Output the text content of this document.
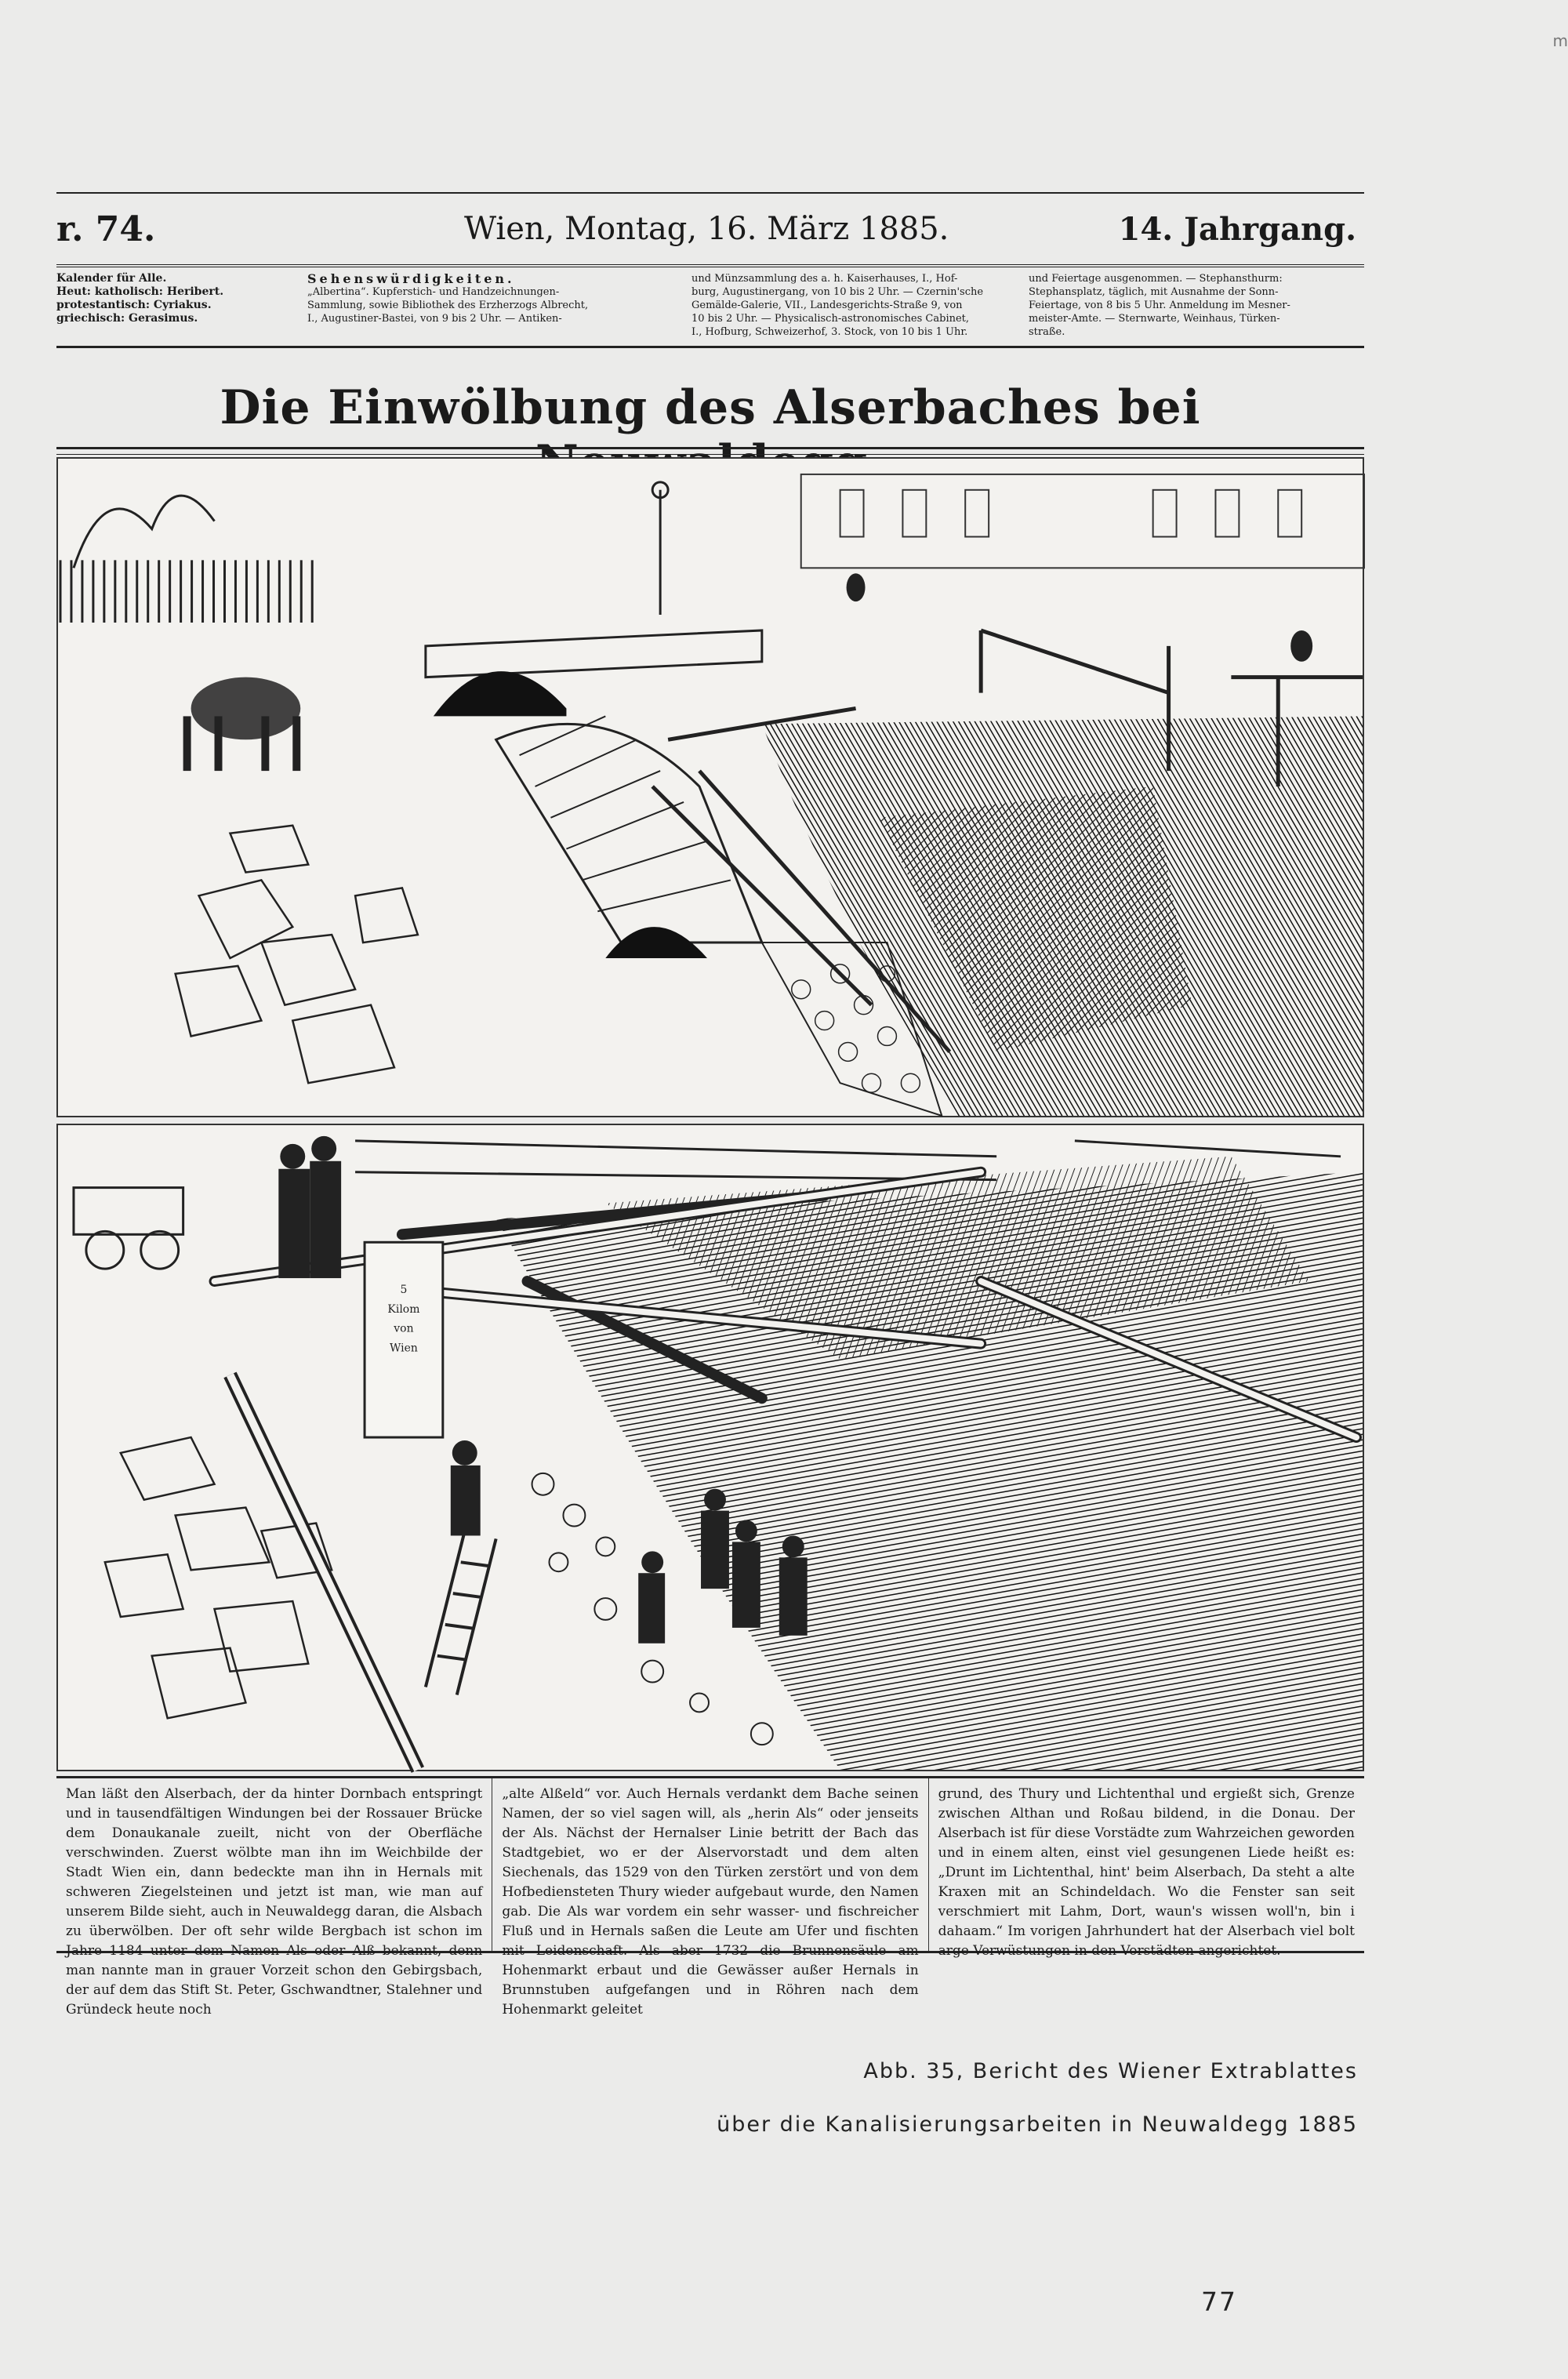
m
r. 74.	Wien, Montag, 16. März 1885.	14. Jahrgang.
Kalender für Alle.
Heut: katholisch: Heribert.
protestantisch: Cyriakus.
griechisch: Gerasimus.
Sehenswürdigkeiten.
„Albertina“. Kupferstich- und Handzeichnungen-
Sammlung, sowie Bibliothek des Erzherzogs Albrecht,
I., Augustiner-Bastei, von 9 bis 2 Uhr. — Antiken-
und Münzsammlung des a. h. Kaiserhauses, I., Hof-
burg, Augustinergang, von 10 bis 2 Uhr. — Czernin'sche
Gemälde-Galerie, VII., Landesgerichts-Straße 9, von
10 bis 2 Uhr. — Physicalisch-astronomisches Cabinet,
I., Hofburg, Schweizerhof, 3. Stock, von 10 bis 1 Uhr.
und Feiertage ausgenommen. — Stephansthurm:
Stephansplatz, täglich, mit Ausnahme der Sonn-
Feiertage, von 8 bis 5 Uhr. Anmeldung im Mesner-
meister-Amte. — Sternwarte, Weinhaus, Türken-
straße.
Die Einwölbung des Alserbaches bei
5
Kilom
von
Wien
Man läßt den Alserbach, der da hinter Dornbach entspringt und in tausendfältigen Windungen bei der Rossauer Brücke dem Donaukanale zueilt, nicht von der Oberfläche verschwinden. Zuerst wölbte man ihn im Weichbilde der Stadt Wien ein, dann bedeckte man ihn in Hernals mit schweren Ziegelsteinen und jetzt ist man, wie man auf unserem Bilde sieht, auch in Neuwaldegg daran, die Alsbach zu überwölben. Der oft sehr wilde Bergbach ist schon im Jahre 1184 unter dem Namen Als oder Alß bekannt, denn man nannte man in grauer Vorzeit schon den Gebirgsbach, der auf dem das Stift St. Peter, Gschwandtner, Stalehner und Gründeck heute noch
„alte Alßeld“ vor. Auch Hernals verdankt dem Bache seinen Namen, der so viel sagen will, als „herin Als“ oder jenseits der Als. Nächst der Hernalser Linie betritt der Bach das Stadtgebiet, wo er der Alservorstadt und dem alten Siechenals, das 1529 von den Türken zerstört und von dem Hofbediensteten Thury wieder aufgebaut wurde, den Namen gab. Die Als war vordem ein sehr wasser- und fischreicher Fluß und in Hernals saßen die Leute am Ufer und fischten mit Leidenschaft. Als aber 1732 die Brunnensäule am Hohenmarkt erbaut und die Gewässer außer Hernals in Brunnstuben aufgefangen und in Röhren nach dem Hohenmarkt geleitet
grund, des Thury und Lichtenthal und ergießt sich, Grenze zwischen Althan und Roßau bildend, in die Donau. Der Alserbach ist für diese Vorstädte zum Wahrzeichen geworden und in einem alten, einst viel gesungenen Liede heißt es: „Drunt im Lichtenthal, hint' beim Alserbach, Da steht a alte Kraxen mit an Schindeldach. Wo die Fenster san seit verschmiert mit Lahm, Dort, waun's wissen woll'n, bin i dahaam.“ Im vorigen Jahrhundert hat der Alserbach viel bolt arge Verwüstungen in den Vorstädten angerichtet.
Abb. 35, Bericht des Wiener Extrablattes
über die Kanalisierungsarbeiten in Neuwaldegg 1885
77
